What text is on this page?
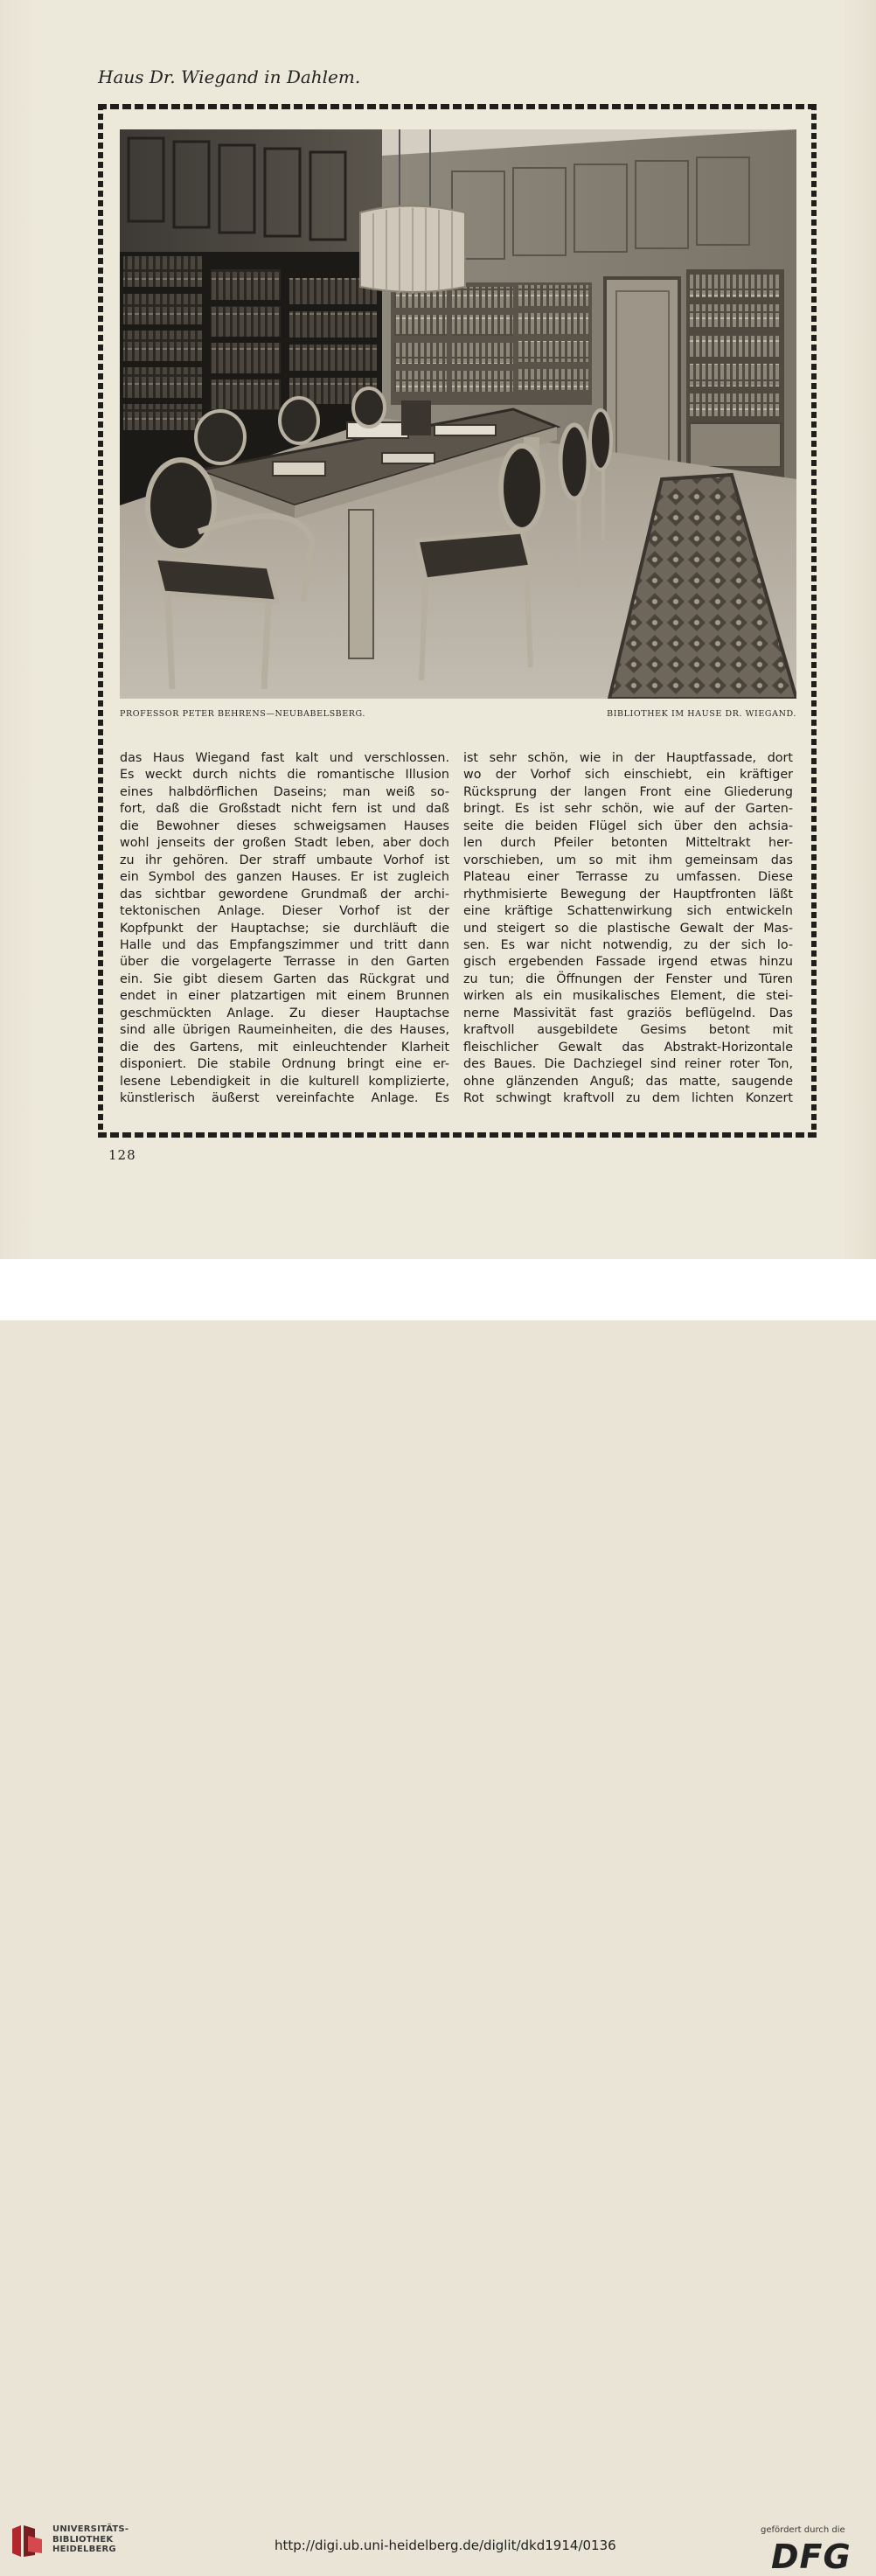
Haus Dr. Wiegand in Dahlem.
PROFESSOR PETER BEHRENS—NEUBABELSBERG.	BIBLIOTHEK IM HAUSE DR. WIEGAND.
das Haus Wiegand fast kalt und verschlossen.
Es weckt durch nichts die romantische Illusion
eines halbdörflichen Daseins; man weiß so-
fort, daß die Großstadt nicht fern ist und daß
die Bewohner dieses schweigsamen Hauses
wohl jenseits der großen Stadt leben, aber doch
zu ihr gehören. Der straff umbaute Vorhof ist
ein Symbol des ganzen Hauses. Er ist zugleich
das sichtbar gewordene Grundmaß der archi-
tektonischen Anlage. Dieser Vorhof ist der
Kopfpunkt der Hauptachse; sie durchläuft die
Halle und das Empfangszimmer und tritt dann
über die vorgelagerte Terrasse in den Garten
ein. Sie gibt diesem Garten das Rückgrat und
endet in einer platzartigen mit einem Brunnen
geschmückten Anlage. Zu dieser Hauptachse
sind alle übrigen Raumeinheiten, die des Hauses,
die des Gartens, mit einleuchtender Klarheit
disponiert. Die stabile Ordnung bringt eine er-
lesene Lebendigkeit in die kulturell komplizierte,
künstlerisch äußerst vereinfachte Anlage. Es
ist sehr schön, wie in der Hauptfassade, dort
wo der Vorhof sich einschiebt, ein kräftiger
Rücksprung der langen Front eine Gliederung
bringt. Es ist sehr schön, wie auf der Garten-
seite die beiden Flügel sich über den achsia-
len durch Pfeiler betonten Mitteltrakt her-
vorschieben, um so mit ihm gemeinsam das
Plateau einer Terrasse zu umfassen. Diese
rhythmisierte Bewegung der Hauptfronten läßt
eine kräftige Schattenwirkung sich entwickeln
und steigert so die plastische Gewalt der Mas-
sen. Es war nicht notwendig, zu der sich lo-
gisch ergebenden Fassade irgend etwas hinzu
zu tun; die Öffnungen der Fenster und Türen
wirken als ein musikalisches Element, die stei-
nerne Massivität fast graziös beflügelnd. Das
kraftvoll ausgebildete Gesims betont mit
fleischlicher Gewalt das Abstrakt-Horizontale
des Baues. Die Dachziegel sind reiner roter Ton,
ohne glänzenden Anguß; das matte, saugende
Rot schwingt kraftvoll zu dem lichten Konzert
128
UNIVERSITÄTS-
BIBLIOTHEK
HEIDELBERG	http://digi.ub.uni-heidelberg.de/diglit/dkd1914/0136
gefördert durch die
DFG
